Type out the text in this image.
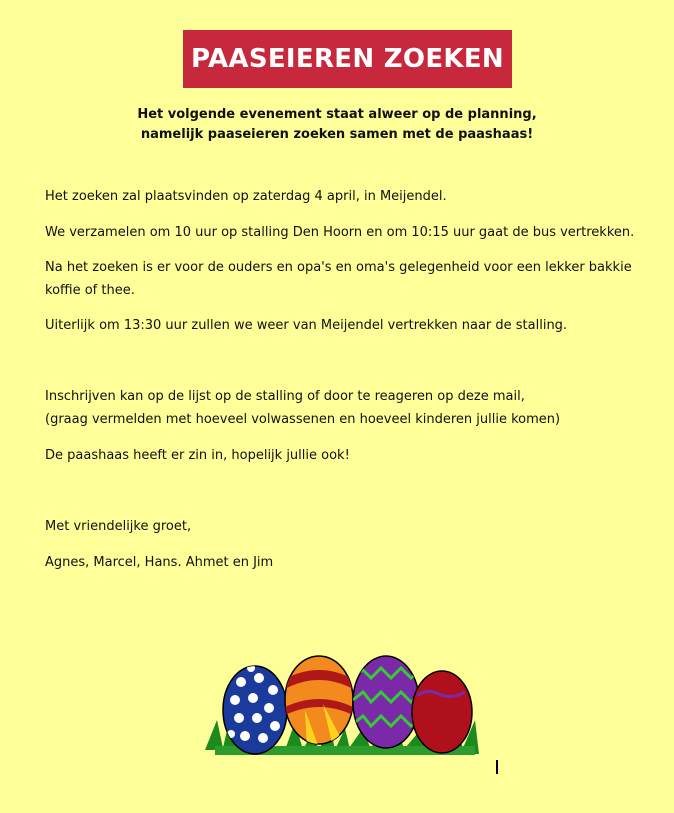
PAASEIEREN ZOEKEN
Het volgende evenement staat alweer op de planning,
namelijk paaseieren zoeken samen met de paashaas!
Het zoeken zal plaatsvinden op zaterdag 4 april, in Meijendel.
We verzamelen om 10 uur op stalling Den Hoorn en om 10:15 uur gaat de bus vertrekken.
Na het zoeken is er voor de ouders en opa's en oma's gelegenheid voor een lekker bakkie
koffie of thee.
Uiterlijk om 13:30 uur zullen we weer van Meijendel vertrekken naar de stalling.
Inschrijven kan op de lijst op de stalling of door te reageren op deze mail,
(graag vermelden met hoeveel volwassenen en hoeveel kinderen jullie komen)
De paashaas heeft er zin in, hopelijk jullie ook!
Met vriendelijke groet,
Agnes, Marcel, Hans. Ahmet en Jim
